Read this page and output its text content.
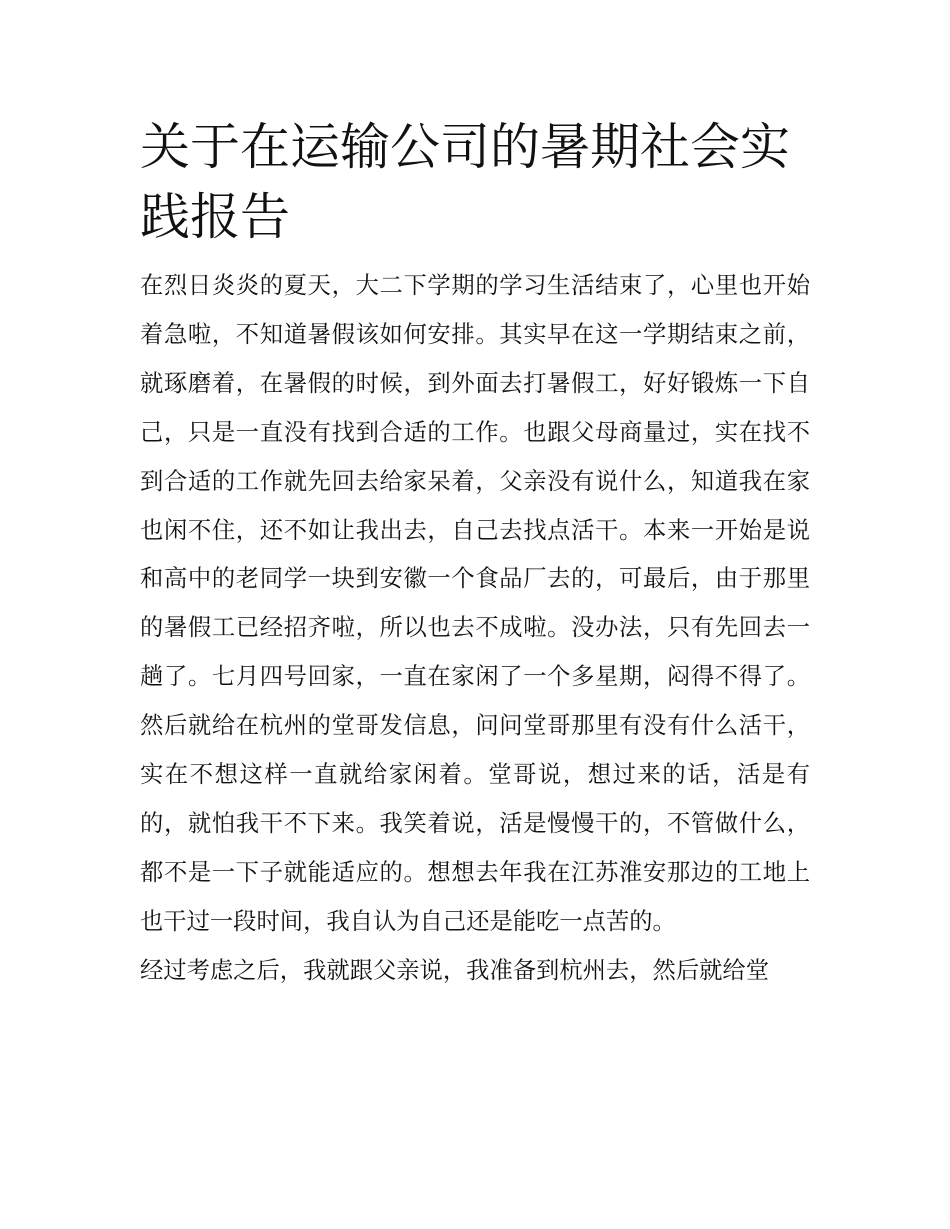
关于在运输公司的暑期社会实践报告

在烈日炎炎的夏天，大二下学期的学习生活结束了，心里也开始着急啦，不知道暑假该如何安排。其实早在这一学期结束之前，就琢磨着，在暑假的时候，到外面去打暑假工，好好锻炼一下自己，只是一直没有找到合适的工作。也跟父母商量过，实在找不到合适的工作就先回去给家呆着，父亲没有说什么，知道我在家也闲不住，还不如让我出去，自己去找点活干。本来一开始是说和高中的老同学一块到安徽一个食品厂去的，可最后，由于那里的暑假工已经招齐啦，所以也去不成啦。没办法，只有先回去一趟了。七月四号回家，一直在家闲了一个多星期，闷得不得了。然后就给在杭州的堂哥发信息，问问堂哥那里有没有什么活干，实在不想这样一直就给家闲着。堂哥说，想过来的话，活是有的，就怕我干不下来。我笑着说，活是慢慢干的，不管做什么，都不是一下子就能适应的。想想去年我在江苏淮安那边的工地上也干过一段时间，我自认为自己还是能吃一点苦的。

经过考虑之后，我就跟父亲说，我准备到杭州去，然后就给堂
